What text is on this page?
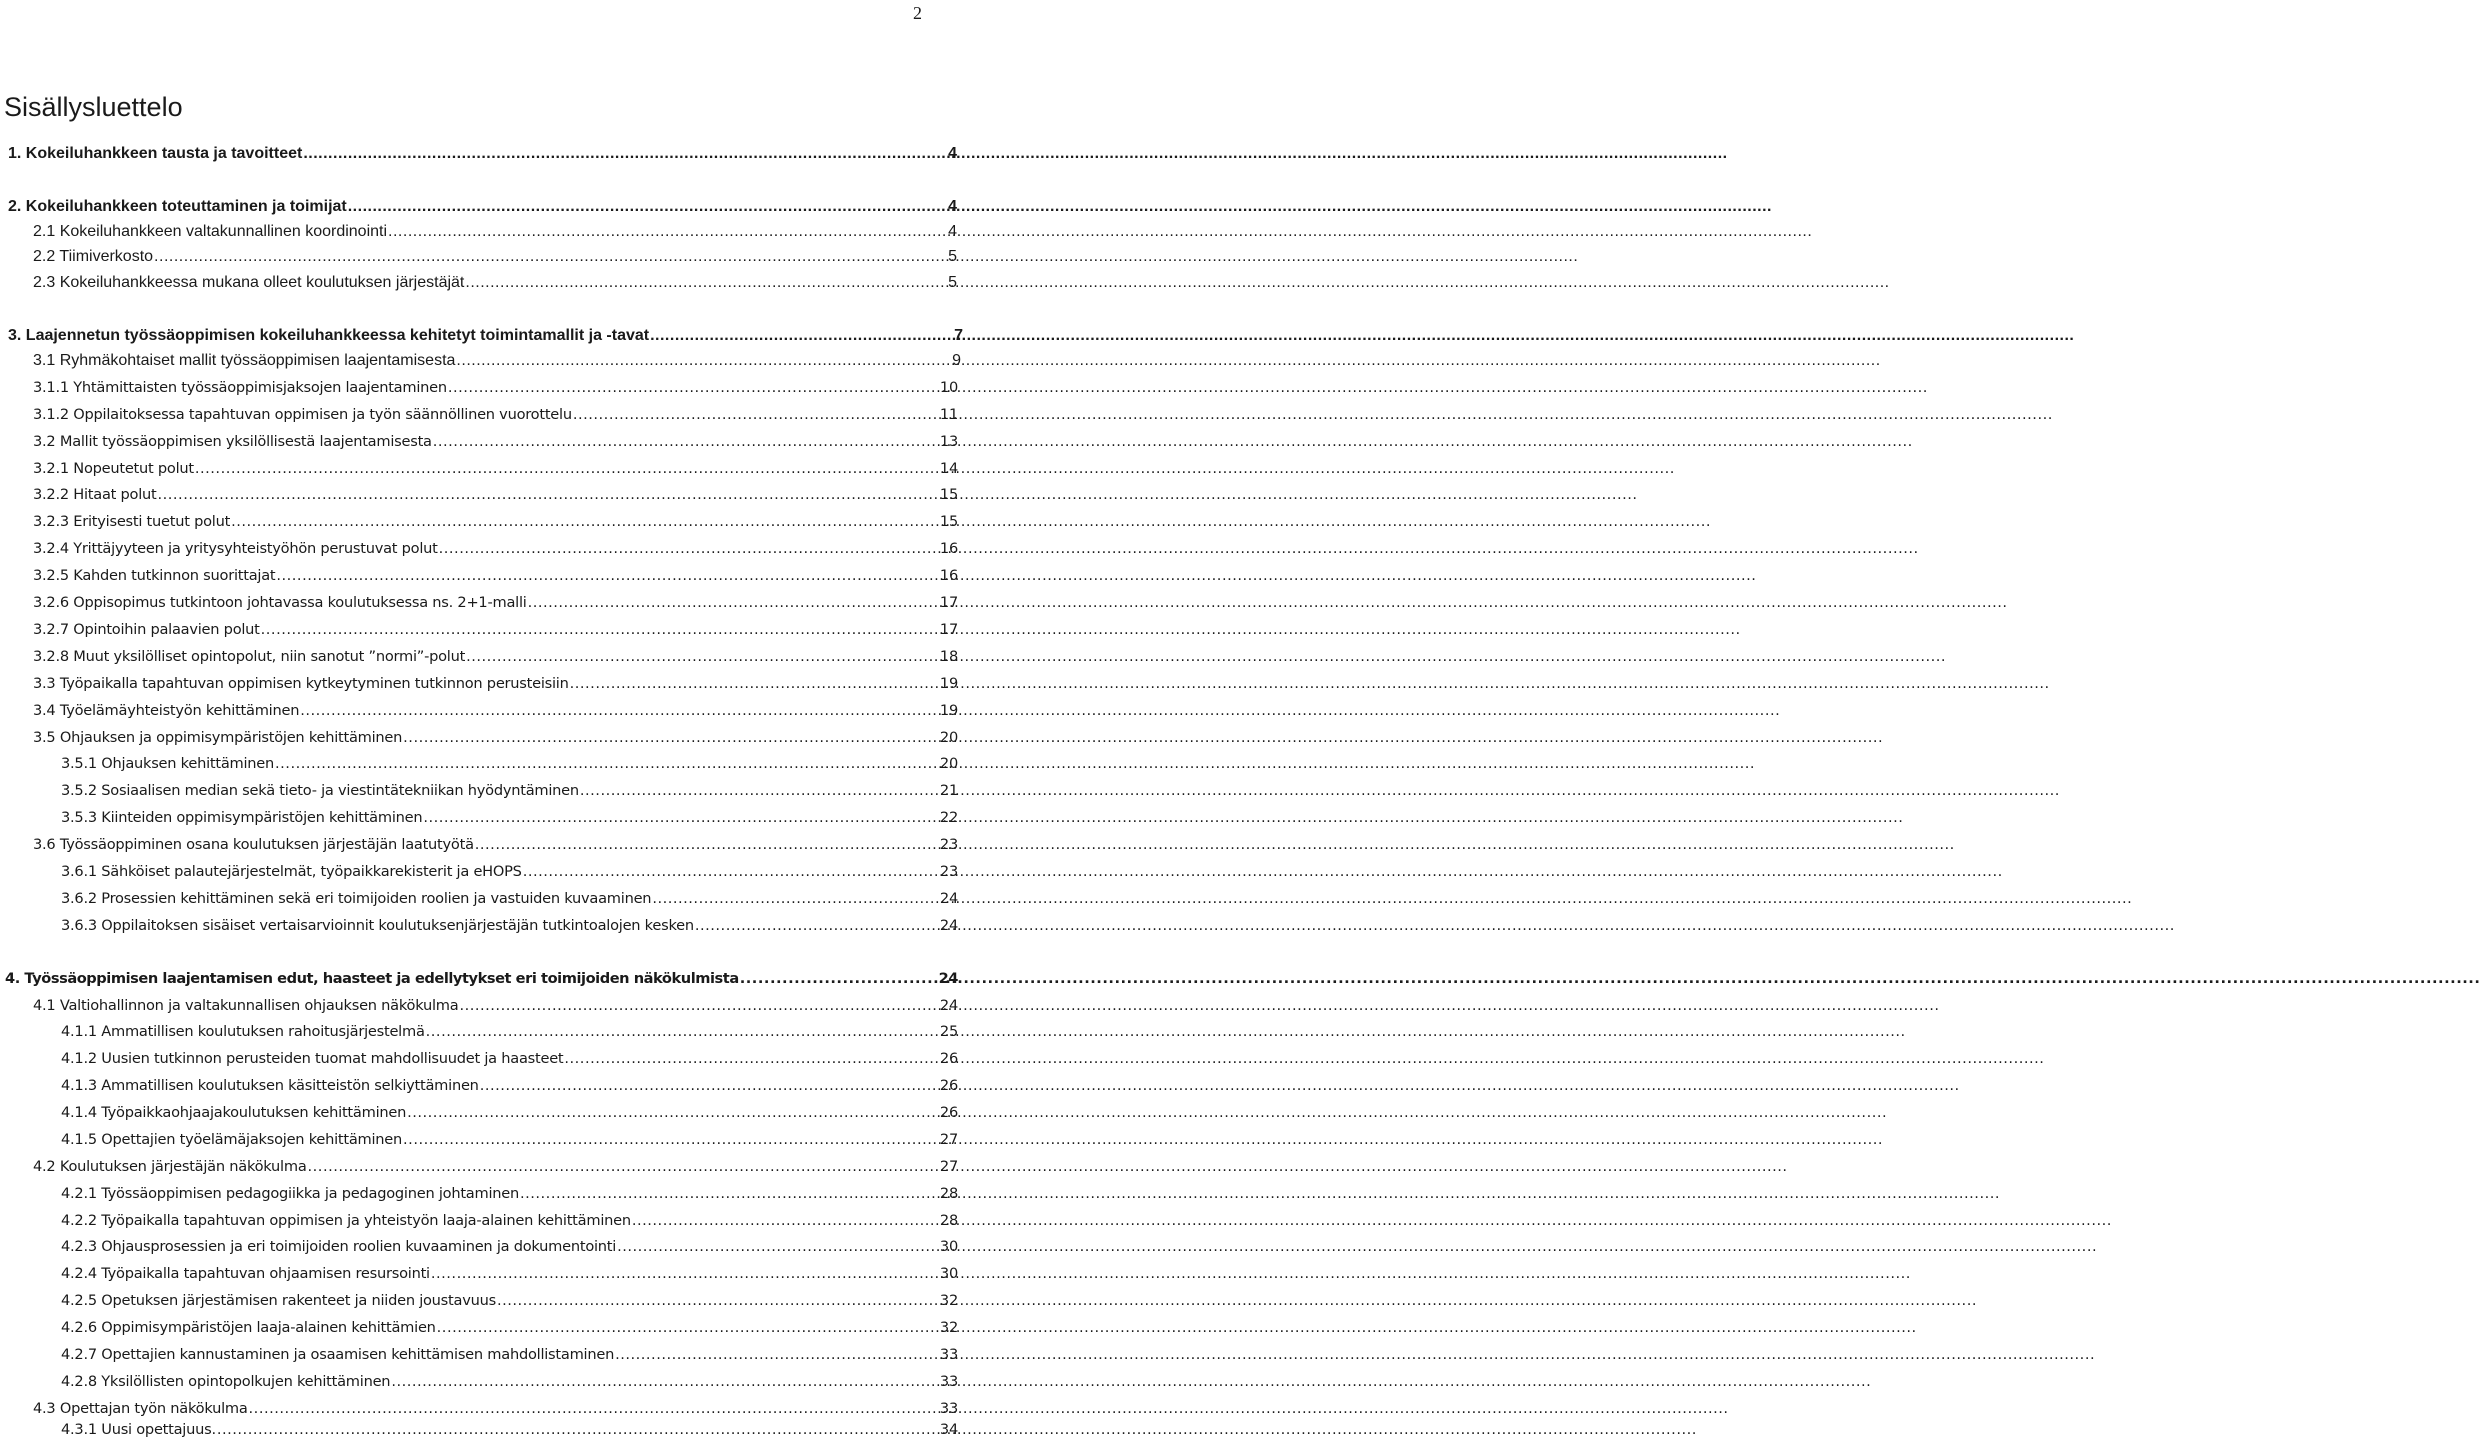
2
Sisällysluettelo
1. Kokeiluhankkeen tausta ja tavoitteet .....	4
2. Kokeiluhankkeen toteuttaminen ja toimijat .....	4
2.1 Kokeiluhankkeen valtakunnallinen koordinointi .....	4
2.2 Tiimiverkosto .....	5
2.3 Kokeiluhankkeessa mukana olleet koulutuksen järjestäjät .....	5
3. Laajennetun työssäoppimisen kokeiluhankkeessa kehitetyt toimintamallit ja -tavat .....	7
3.1 Ryhmäkohtaiset mallit työssäoppimisen laajentamisesta .....	9
3.1.1 Yhtämittaisten työssäoppimisjaksojen laajentaminen .....	10
3.1.2 Oppilaitoksessa tapahtuvan oppimisen ja työn säännöllinen vuorottelu .....	11
3.2 Mallit työssäoppimisen yksilöllisestä laajentamisesta .....	13
3.2.1 Nopeutetut polut .....	14
3.2.2 Hitaat polut .....	15
3.2.3 Erityisesti tuetut polut .....	15
3.2.4 Yrittäjyyteen ja yritysyhteistyöhön perustuvat polut .....	16
3.2.5 Kahden tutkinnon suorittajat .....	16
3.2.6 Oppisopimus tutkintoon johtavassa koulutuksessa ns. 2+1-malli .....	17
3.2.7 Opintoihin palaavien polut .....	17
3.2.8 Muut yksilölliset opintopolut, niin sanotut ”normi”-polut .....	18
3.3 Työpaikalla tapahtuvan oppimisen kytkeytyminen tutkinnon perusteisiin .....	19
3.4 Työelämäyhteistyön kehittäminen .....	19
3.5 Ohjauksen ja oppimisympäristöjen kehittäminen .....	20
3.5.1 Ohjauksen kehittäminen .....	20
3.5.2 Sosiaalisen median sekä tieto- ja viestintätekniikan hyödyntäminen .....	21
3.5.3 Kiinteiden oppimisympäristöjen kehittäminen .....	22
3.6 Työssäoppiminen osana koulutuksen järjestäjän laatutyötä .....	23
3.6.1 Sähköiset palautejärjestelmät, työpaikkarekisterit ja eHOPS .....	23
3.6.2 Prosessien kehittäminen sekä eri toimijoiden roolien ja vastuiden kuvaaminen .....	24
3.6.3 Oppilaitoksen sisäiset vertaisarvioinnit koulutuksenjärjestäjän tutkintoalojen kesken .....	24
4. Työssäoppimisen laajentamisen edut, haasteet ja edellytykset eri toimijoiden näkökulmista .....	24
4.1 Valtiohallinnon ja valtakunnallisen ohjauksen näkökulma .....	24
4.1.1 Ammatillisen koulutuksen rahoitusjärjestelmä .....	25
4.1.2 Uusien tutkinnon perusteiden tuomat mahdollisuudet ja haasteet .....	26
4.1.3 Ammatillisen koulutuksen käsitteistön selkiyttäminen .....	26
4.1.4 Työpaikkaohjaajakoulutuksen kehittäminen .....	26
4.1.5 Opettajien työelämäjaksojen kehittäminen .....	27
4.2 Koulutuksen järjestäjän näkökulma .....	27
4.2.1 Työssäoppimisen pedagogiikka ja pedagoginen johtaminen .....	28
4.2.2 Työpaikalla tapahtuvan oppimisen ja yhteistyön laaja-alainen kehittäminen .....	28
4.2.3 Ohjausprosessien ja eri toimijoiden roolien kuvaaminen ja dokumentointi .....	30
4.2.4 Työpaikalla tapahtuvan ohjaamisen resursointi .....	30
4.2.5 Opetuksen järjestämisen rakenteet ja niiden joustavuus .....	32
4.2.6 Oppimisympäristöjen laaja-alainen kehittämien .....	32
4.2.7 Opettajien kannustaminen ja osaamisen kehittämisen mahdollistaminen .....	33
4.2.8 Yksilöllisten opintopolkujen kehittäminen .....	33
4.3 Opettajan työn näkökulma .....	33
4.3.1 Uusi opettajuus. .....	34
